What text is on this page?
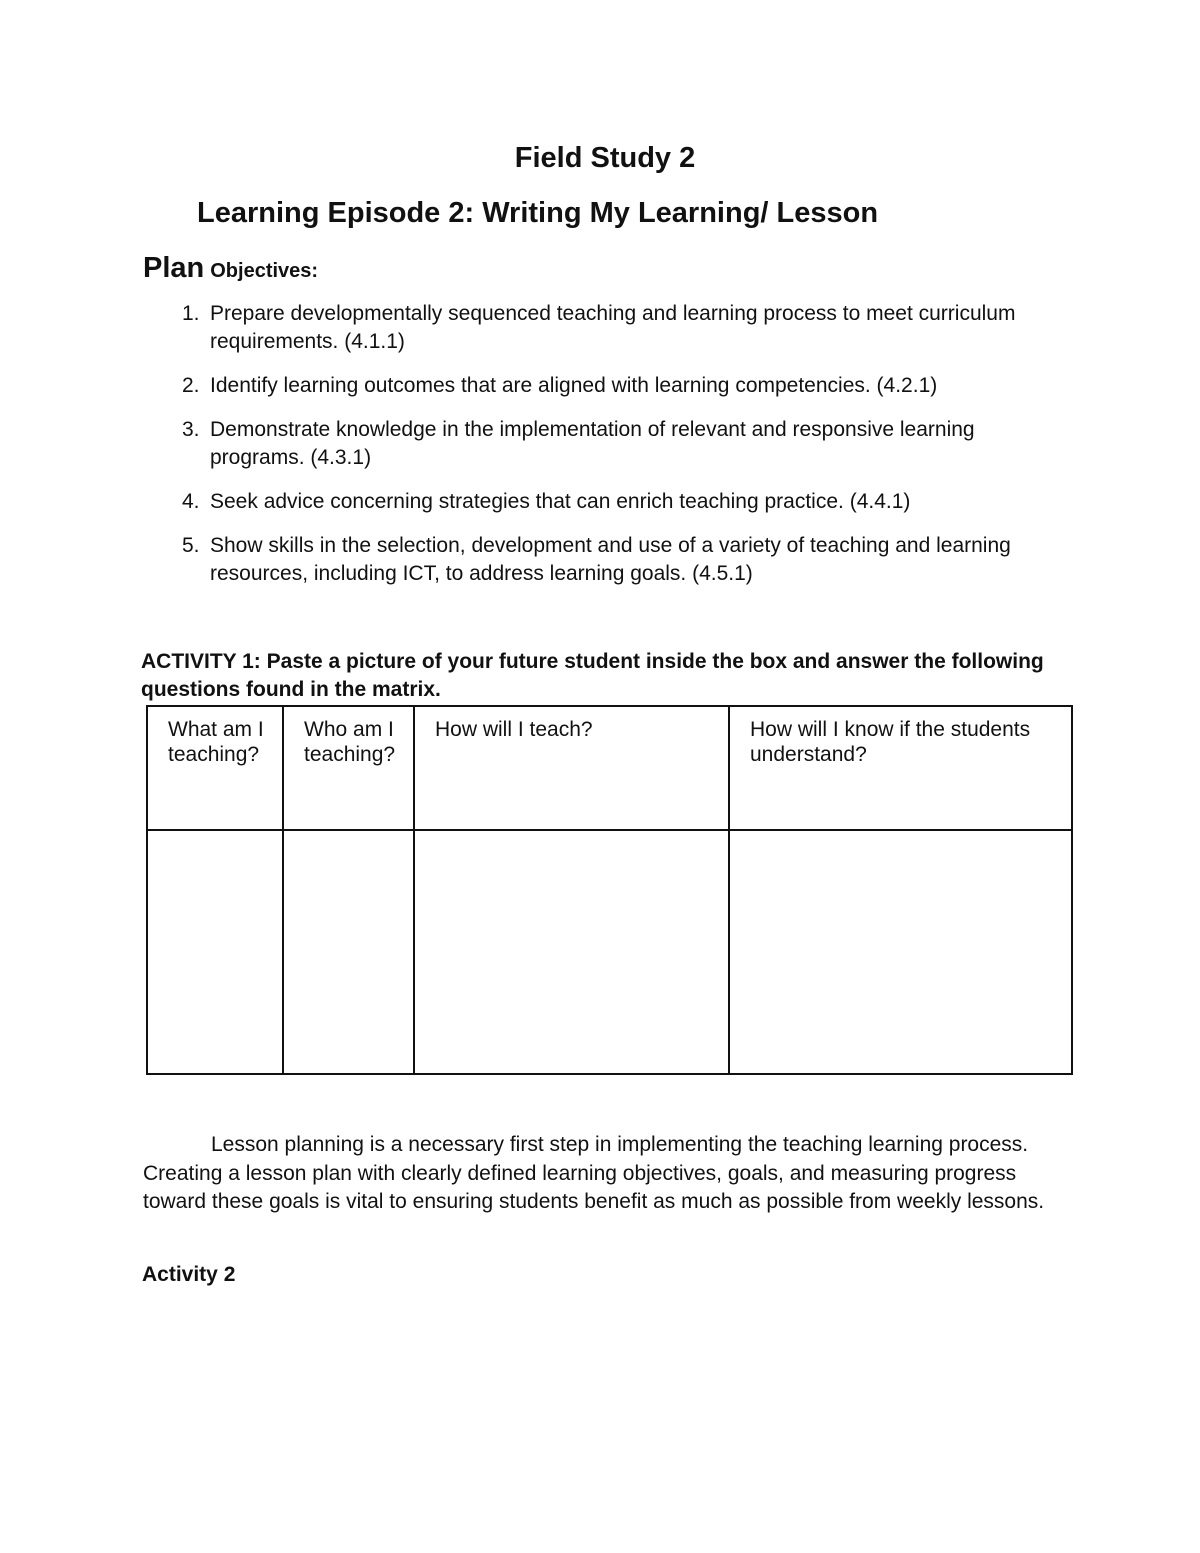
Field Study 2
Learning Episode 2: Writing My Learning/ Lesson
Plan Objectives:
1. Prepare developmentally sequenced teaching and learning process to meet curriculum requirements. (4.1.1)
2. Identify learning outcomes that are aligned with learning competencies. (4.2.1)
3. Demonstrate knowledge in the implementation of relevant and responsive learning programs. (4.3.1)
4. Seek advice concerning strategies that can enrich teaching practice. (4.4.1)
5. Show skills in the selection, development and use of a variety of teaching and learning resources, including ICT, to address learning goals. (4.5.1)

ACTIVITY 1: Paste a picture of your future student inside the box and answer the following questions found in the matrix.

What am I teaching?	Who am I teaching?	How will I teach?	How will I know if the students understand?

Lesson planning is a necessary first step in implementing the teaching learning process. Creating a lesson plan with clearly defined learning objectives, goals, and measuring progress toward these goals is vital to ensuring students benefit as much as possible from weekly lessons.

Activity 2
